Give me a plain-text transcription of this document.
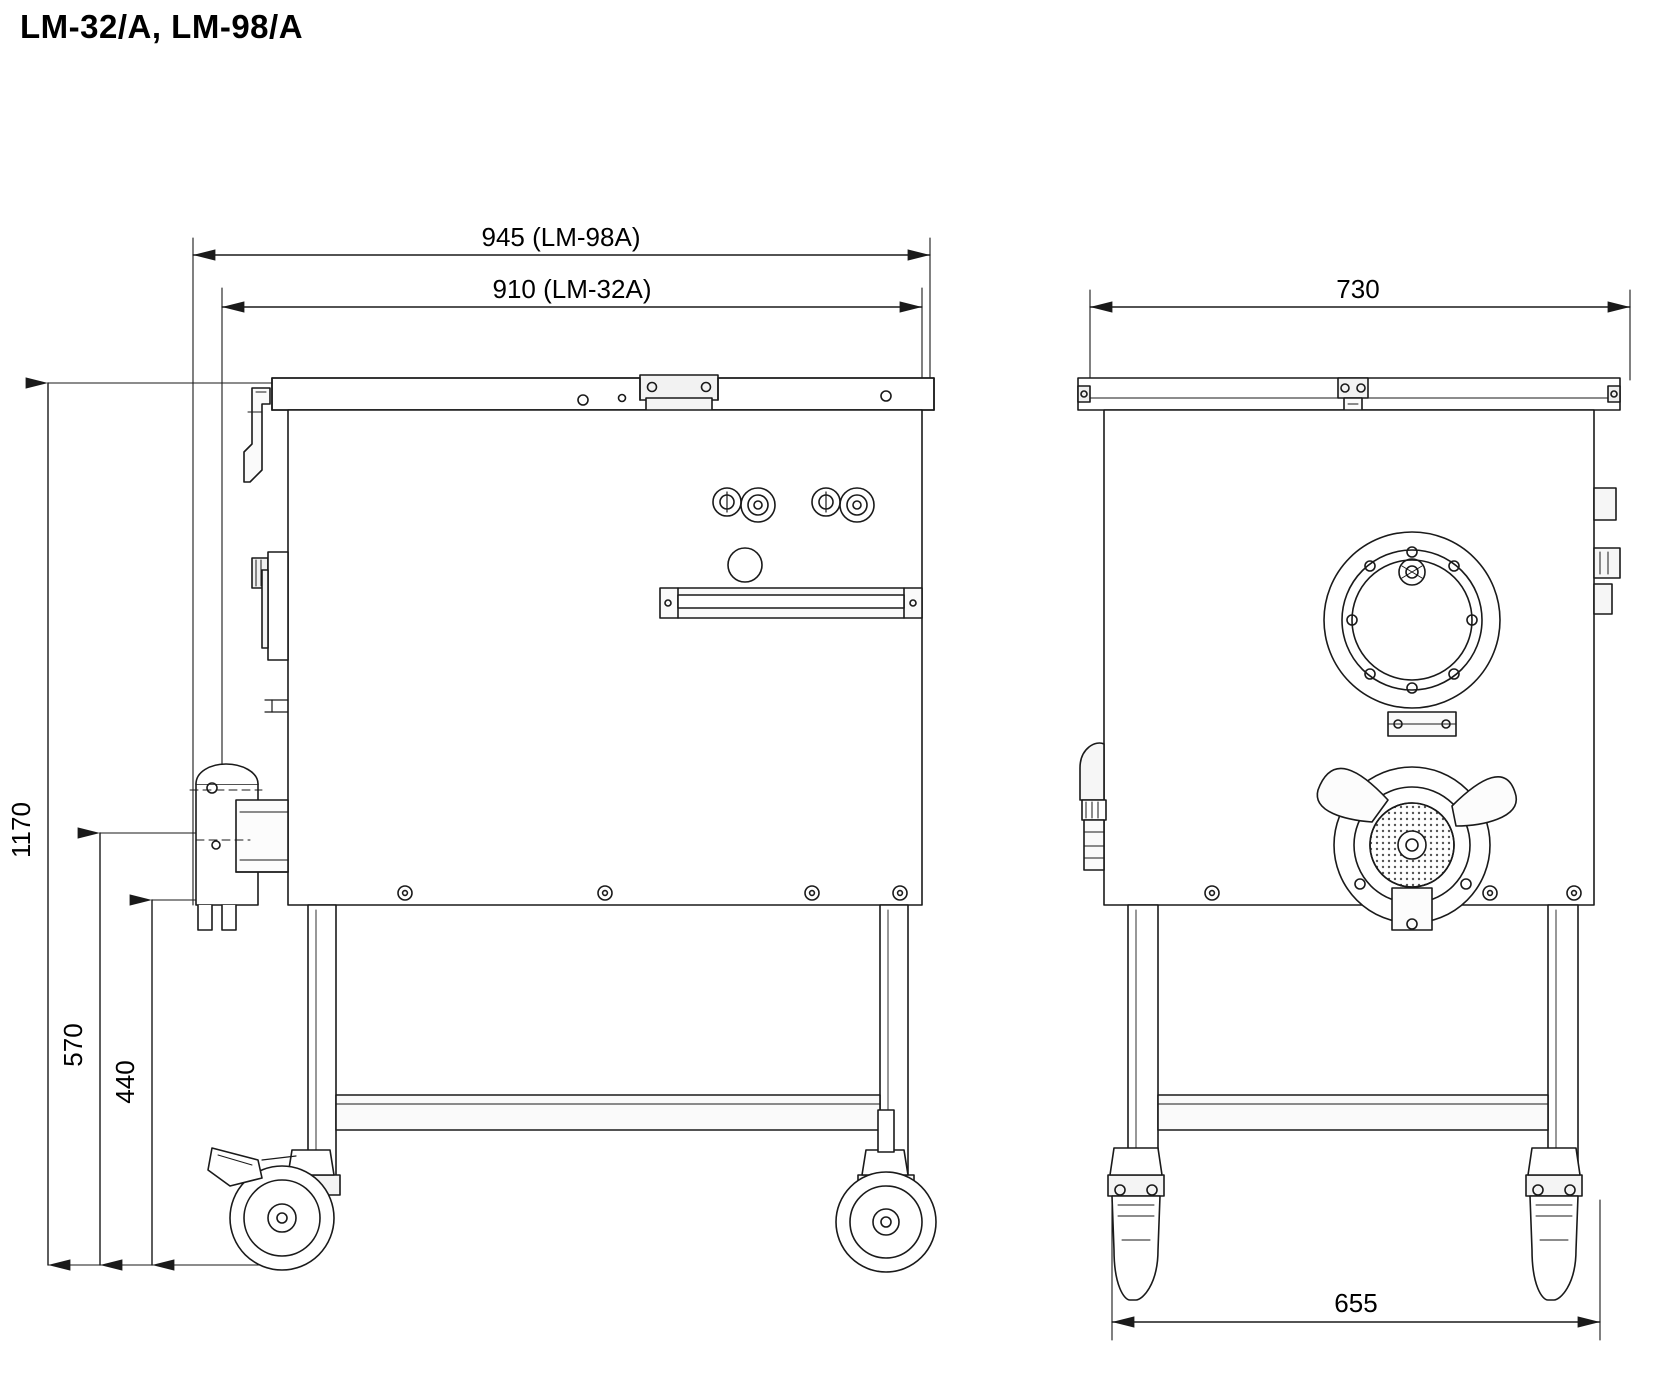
LM-32/A, LM-98/A
945 (LM-98A)
910 (LM-32A)
1170
570
440
730
655
